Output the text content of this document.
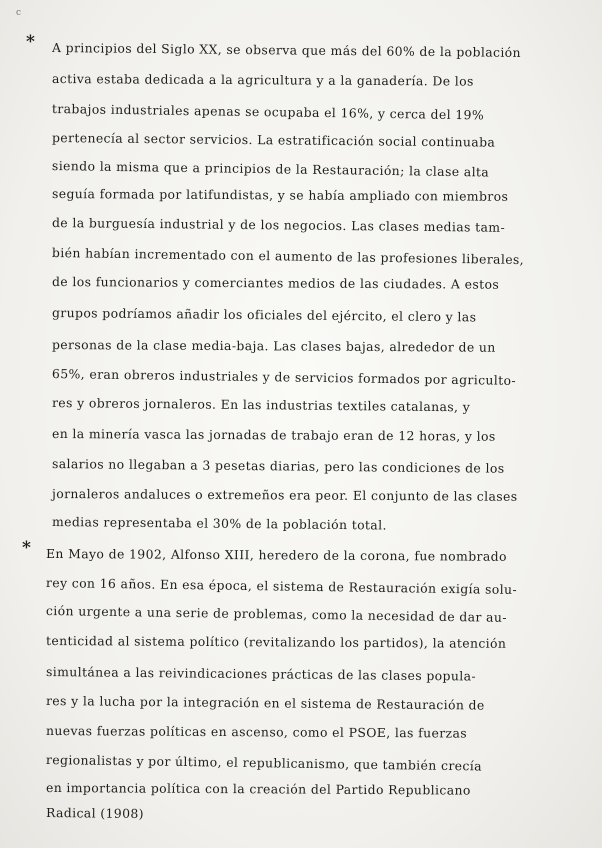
c
* A principios del Siglo XX, se observa que más del 60% de la población
activa estaba dedicada a la agricultura y a la ganadería. De los
trabajos industriales apenas se ocupaba el 16%, y cerca del 19%
pertenecía al sector servicios. La estratificación social continuaba
siendo la misma que a principios de la Restauración; la clase alta
seguía formada por latifundistas, y se había ampliado con miembros
de la burguesía industrial y de los negocios. Las clases medias tam-
bién habían incrementado con el aumento de las profesiones liberales,
de los funcionarios y comerciantes medios de las ciudades. A estos
grupos podríamos añadir los oficiales del ejército, el clero y las
personas de la clase media-baja. Las clases bajas, alrededor de un
65%, eran obreros industriales y de servicios formados por agriculto-
res y obreros jornaleros. En las industrias textiles catalanas, y
en la minería vasca las jornadas de trabajo eran de 12 horas, y los
salarios no llegaban a 3 pesetas diarias, pero las condiciones de los
jornaleros andaluces o extremeños era peor. El conjunto de las clases
medias representaba el 30% de la población total.
* En Mayo de 1902, Alfonso XIII, heredero de la corona, fue nombrado
rey con 16 años. En esa época, el sistema de Restauración exigía solu-
ción urgente a una serie de problemas, como la necesidad de dar au-
tenticidad al sistema político (revitalizando los partidos), la atención
simultánea a las reivindicaciones prácticas de las clases popula-
res y la lucha por la integración en el sistema de Restauración de
nuevas fuerzas políticas en ascenso, como el PSOE, las fuerzas
regionalistas y por último, el republicanismo, que también crecía
en importancia política con la creación del Partido Republicano
Radical (1908)
